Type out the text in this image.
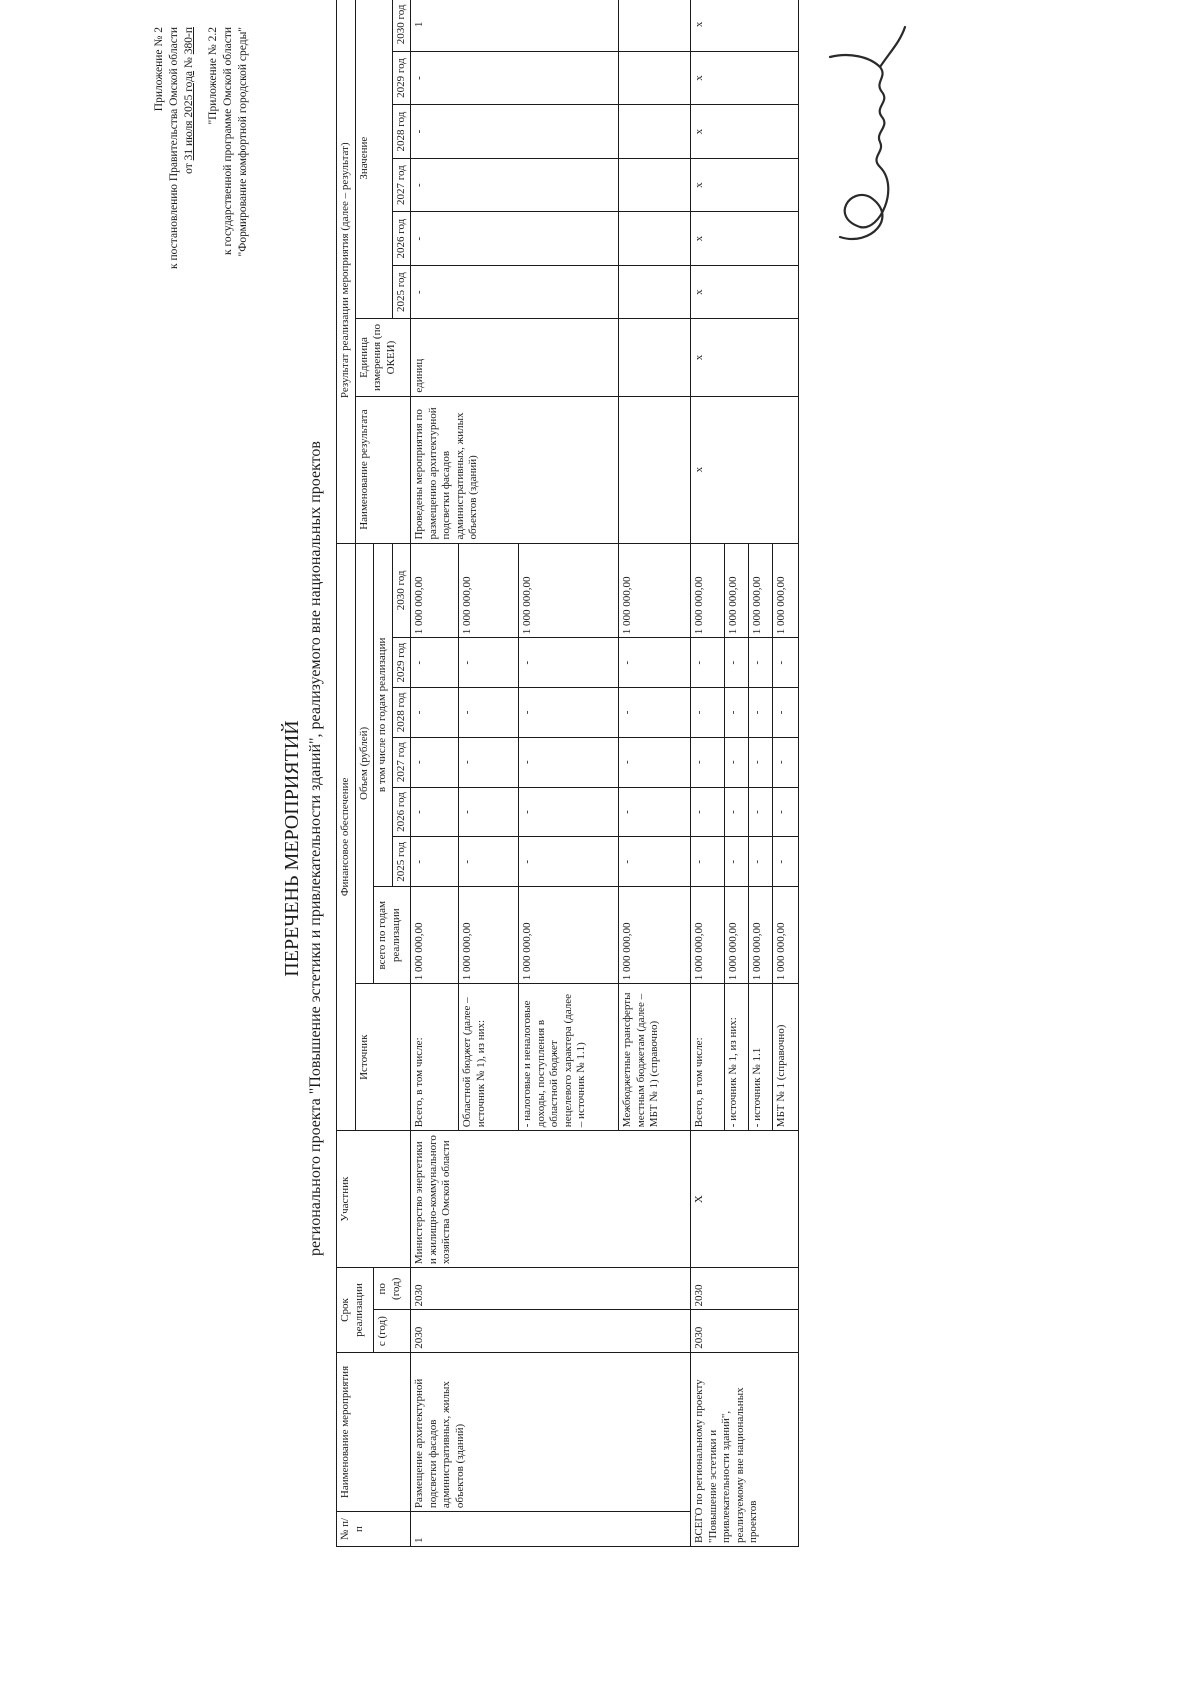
Приложение № 2 к постановлению Правительства Омской области от 31 июля 2025 года № 380-п "Приложение № 2.2 к государственной программе Омской области "Формирование комфортной городской среды"
ПЕРЕЧЕНЬ МЕРОПРИЯТИЙ регионального проекта "Повышение эстетики и привлекательности зданий", реализуемого вне национальных проектов

№ п/п	Наименование мероприятия	Срок реализации		Участник	Финансовое обеспечение								Результат реализации мероприятия (далее – результат)							
					Источник	Объем (рублей)							Наименование результата	Единица измерения (по ОКЕИ)	Значение					
		с (год)	по (год)			всего по годам реализации	в том числе по годам реализации													
							2025 год	2026 год	2027 год	2028 год	2029 год	2030 год			2025 год	2026 год	2027 год	2028 год	2029 год	2030 год
1	Размещение архитектурной подсветки фасадов административных, жилых объектов (зданий)	2030	2030	Министерство энергетики и жилищно-коммунального хозяйства Омской области	Всего, в том числе:	1 000 000,00	-	-	-	-	-	1 000 000,00	Проведены мероприятия по размещению архитектурной подсветки фасадов административных, жилых объектов (зданий)	единиц	-	-	-	-	-	1
					Областной бюджет (далее – источник № 1), из них:	1 000 000,00	-	-	-	-	-	1 000 000,00								
					- налоговые и неналоговые доходы, поступления в областной бюджет нецелевого характера (далее – источник № 1.1)	1 000 000,00	-	-	-	-	-	1 000 000,00								
					Межбюджетные трансферты местным бюджетам (далее – МБТ № 1) (справочно)	1 000 000,00	-	-	-	-	-	1 000 000,00								
ВСЕГО по региональному проекту "Повышение эстетики и привлекательности зданий", реализуемому вне национальных проектов		2030	2030	Х	Всего, в том числе:	1 000 000,00	-	-	-	-	-	1 000 000,00	х	х	х	х	х	х	х	х
					- источник № 1, из них:	1 000 000,00	-	-	-	-	-	1 000 000,00								
					- источник № 1.1	1 000 000,00	-	-	-	-	-	1 000 000,00								
					МБТ № 1 (справочно)	1 000 000,00	-	-	-	-	-	1 000 000,00								
